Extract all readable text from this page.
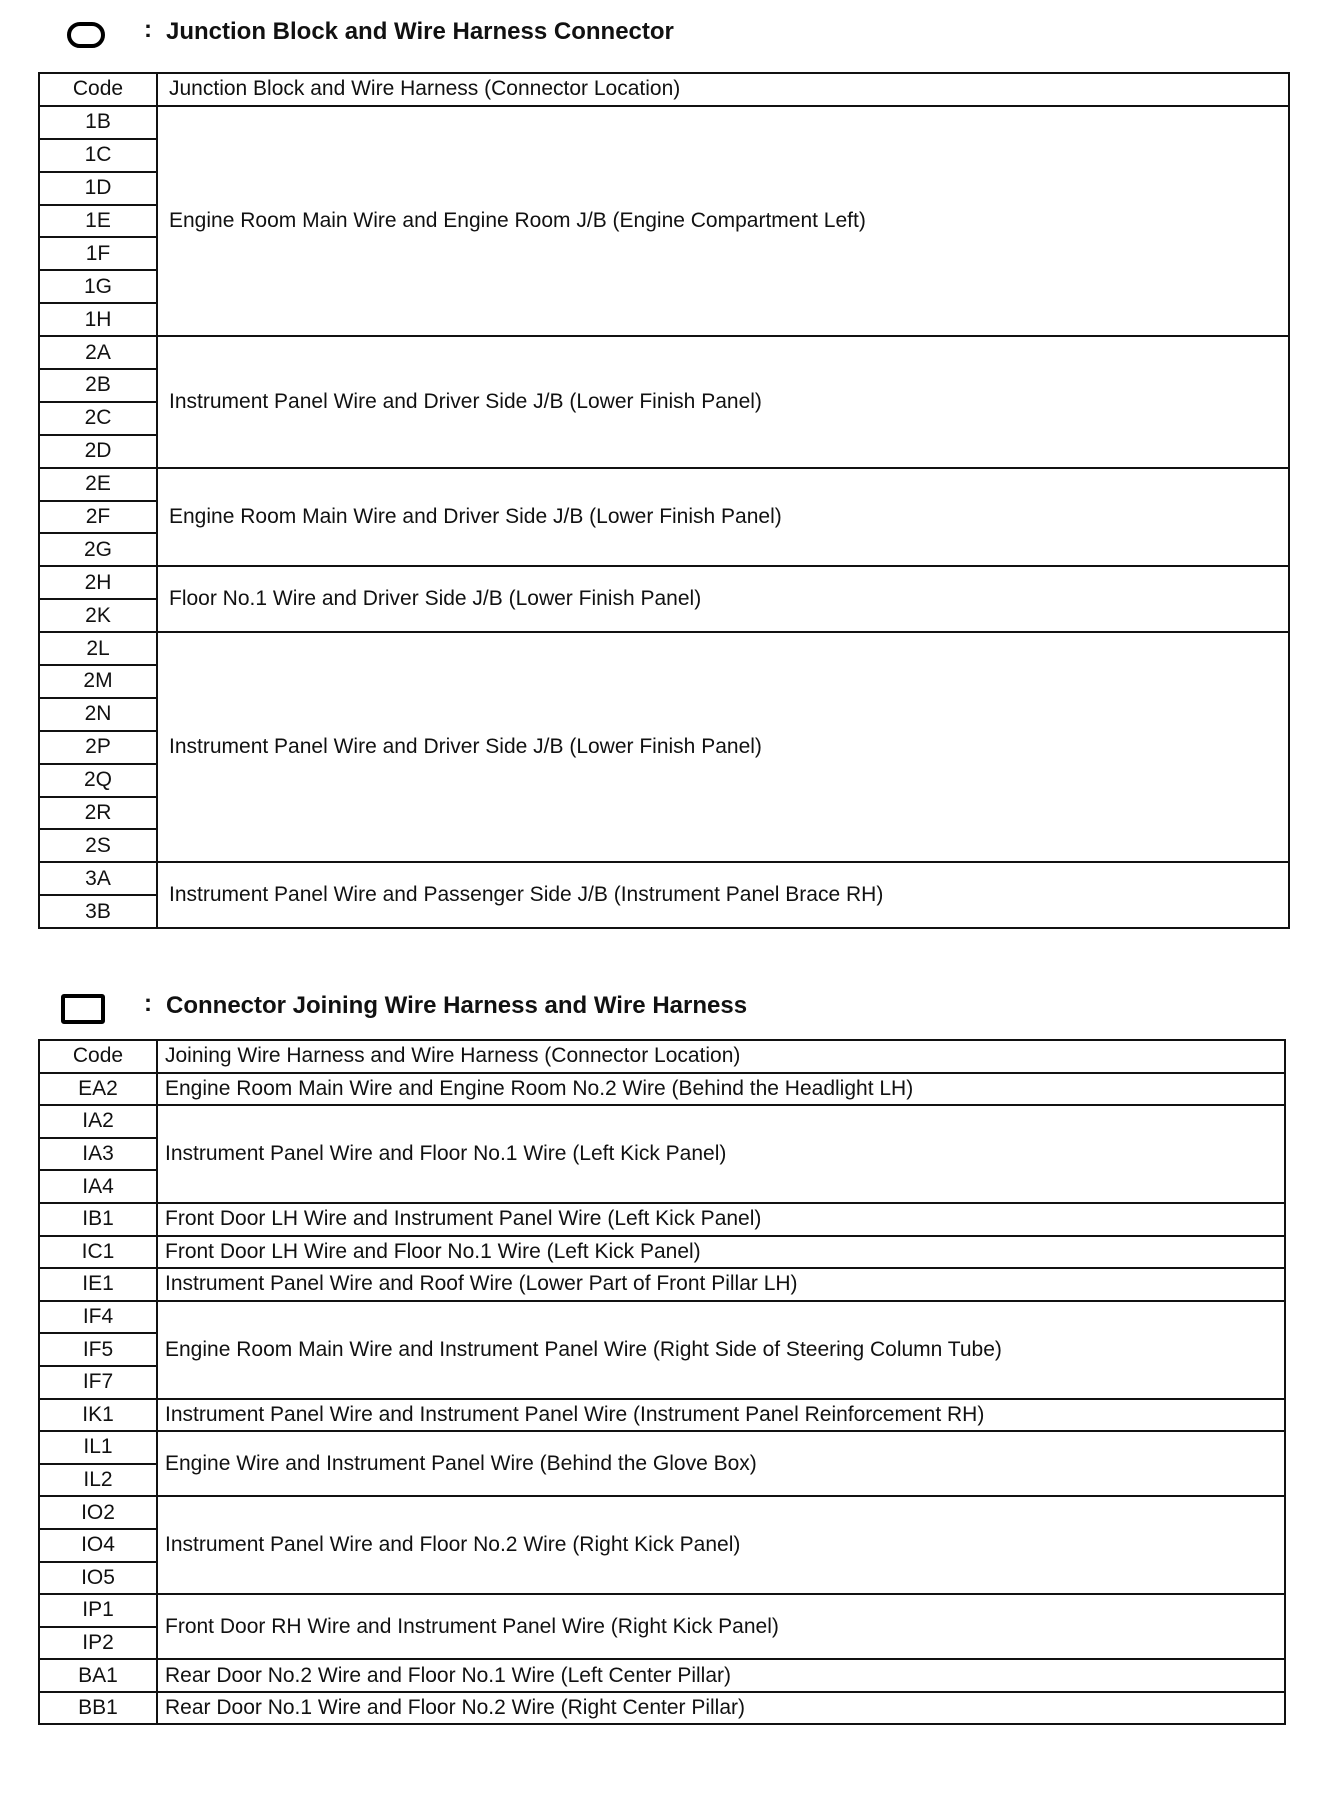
: Junction Block and Wire Harness Connector
Code	Junction Block and Wire Harness (Connector Location)
1B	Engine Room Main Wire and Engine Room J/B (Engine Compartment Left)
1C	
1D	
1E	
1F	
1G	
1H	
2A	Instrument Panel Wire and Driver Side J/B (Lower Finish Panel)
2B	
2C	
2D	
2E	Engine Room Main Wire and Driver Side J/B (Lower Finish Panel)
2F	
2G	
2H	Floor No.1 Wire and Driver Side J/B (Lower Finish Panel)
2K	
2L	Instrument Panel Wire and Driver Side J/B (Lower Finish Panel)
2M	
2N	
2P	
2Q	
2R	
2S	
3A	Instrument Panel Wire and Passenger Side J/B (Instrument Panel Brace RH)
3B	
: Connector Joining Wire Harness and Wire Harness
Code	Joining Wire Harness and Wire Harness (Connector Location)
EA2	Engine Room Main Wire and Engine Room No.2 Wire (Behind the Headlight LH)
IA2	Instrument Panel Wire and Floor No.1 Wire (Left Kick Panel)
IA3	
IA4	
IB1	Front Door LH Wire and Instrument Panel Wire (Left Kick Panel)
IC1	Front Door LH Wire and Floor No.1 Wire (Left Kick Panel)
IE1	Instrument Panel Wire and Roof Wire (Lower Part of Front Pillar LH)
IF4	Engine Room Main Wire and Instrument Panel Wire (Right Side of Steering Column Tube)
IF5	
IF7	
IK1	Instrument Panel Wire and Instrument Panel Wire (Instrument Panel Reinforcement RH)
IL1	Engine Wire and Instrument Panel Wire (Behind the Glove Box)
IL2	
IO2	Instrument Panel Wire and Floor No.2 Wire (Right Kick Panel)
IO4	
IO5	
IP1	Front Door RH Wire and Instrument Panel Wire (Right Kick Panel)
IP2	
BA1	Rear Door No.2 Wire and Floor No.1 Wire (Left Center Pillar)
BB1	Rear Door No.1 Wire and Floor No.2 Wire (Right Center Pillar)
